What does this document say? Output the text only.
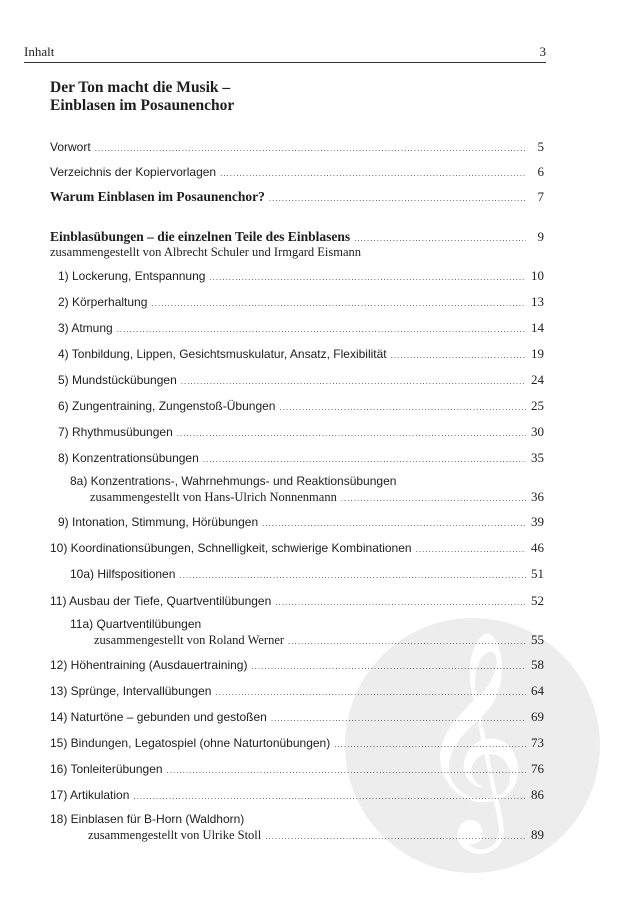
Inhalt	3
Der Ton macht die Musik –
Einblasen im Posaunenchor
𝄞
Vorwort .....	5
Verzeichnis der Kopiervorlagen .....	6
Warum Einblasen im Posaunenchor? .....	7
Einblasübungen – die einzelnen Teile des Einblasens .....	9
zusammengestellt von Albrecht Schuler und Irmgard Eismann
1) Lockerung, Entspannung .....	10
2) Körperhaltung .....	13
3) Atmung .....	14
4) Tonbildung, Lippen, Gesichtsmuskulatur, Ansatz, Flexibilität .....	19
5) Mundstückübungen .....	24
6) Zungentraining, Zungenstoß-Übungen .....	25
7) Rhythmusübungen .....	30
8) Konzentrationsübungen .....	35
8a) Konzentrations-, Wahrnehmungs- und Reaktionsübungen
zusammengestellt von Hans-Ulrich Nonnenmann .....	36
9) Intonation, Stimmung, Hörübungen .....	39
10) Koordinationsübungen, Schnelligkeit, schwierige Kombinationen .....	46
10a) Hilfspositionen .....	51
11) Ausbau der Tiefe, Quartventilübungen .....	52
11a) Quartventilübungen
zusammengestellt von Roland Werner .....	55
12) Höhentraining (Ausdauertraining) .....	58
13) Sprünge, Intervallübungen .....	64
14) Naturtöne – gebunden und gestoßen .....	69
15) Bindungen, Legatospiel (ohne Naturtonübungen) .....	73
16) Tonleiterübungen .....	76
17) Artikulation .....	86
18) Einblasen für B-Horn (Waldhorn)
zusammengestellt von Ulrike Stoll .....	89
